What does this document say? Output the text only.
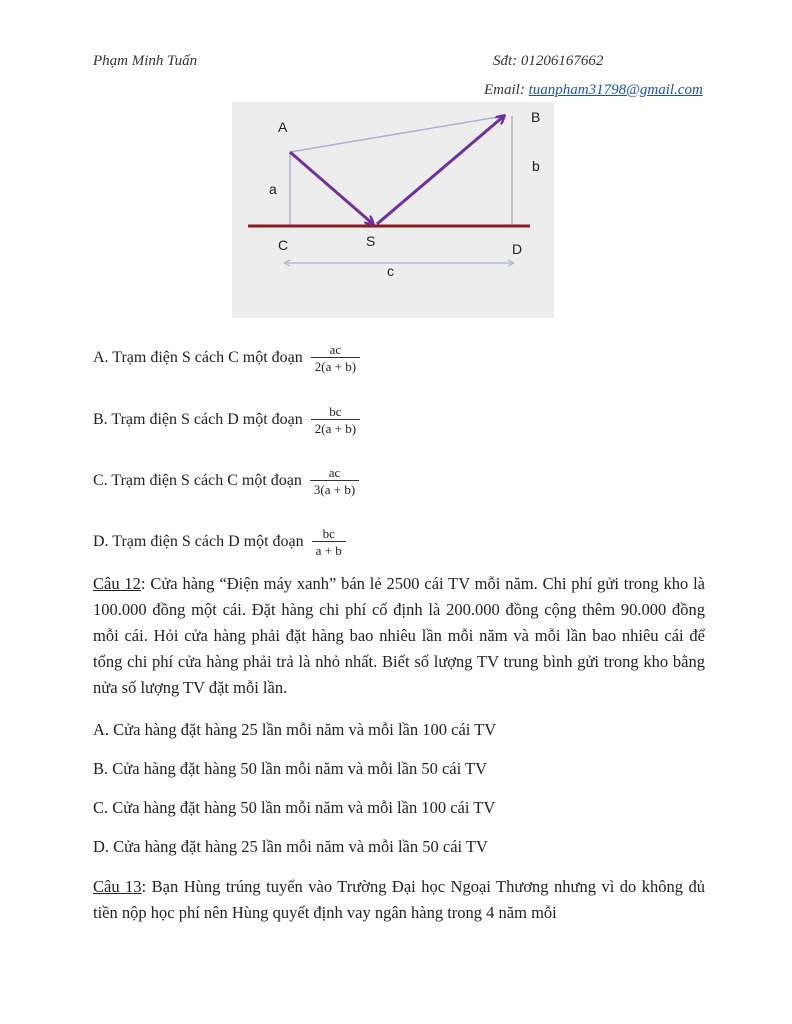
Phạm Minh Tuấn	Sđt: 01206167662
Email: tuanpham31798@gmail.com
A
B
a
b
C	S	D
c
A. Trạm điện S cách C một đoạn $\frac{ac}{2(a + b)}$
B. Trạm điện S cách D một đoạn $\frac{bc}{2(a + b)}$
C. Trạm điện S cách C một đoạn $\frac{ac}{3(a + b)}$
D. Trạm điện S cách D một đoạn $\frac{bc}{a + b}$
Câu 12: Cửa hàng “Điện máy xanh” bán lẻ 2500 cái TV mỗi năm. Chi phí gửi trong kho là 100.000 đồng một cái. Đặt hàng chi phí cố định là 200.000 đồng cộng thêm 90.000 đồng mỗi cái. Hỏi cửa hàng phải đặt hàng bao nhiêu lần mỗi năm và mỗi lần bao nhiêu cái để tổng chi phí cửa hàng phải trả là nhỏ nhất. Biết số lượng TV trung bình gửi trong kho bằng nửa số lượng TV đặt mỗi lần.
A. Cửa hàng đặt hàng 25 lần mỗi năm và mỗi lần 100 cái TV
B. Cửa hàng đặt hàng 50 lần mỗi năm và mỗi lần 50 cái TV
C. Cửa hàng đặt hàng 50 lần mỗi năm và mỗi lần 100 cái TV
D. Cửa hàng đặt hàng 25 lần mỗi năm và mỗi lần 50 cái TV
Câu 13: Bạn Hùng trúng tuyển vào Trường Đại học Ngoại Thương nhưng vì do không đủ tiền nộp học phí nên Hùng quyết định vay ngân hàng trong 4 năm mỗi
